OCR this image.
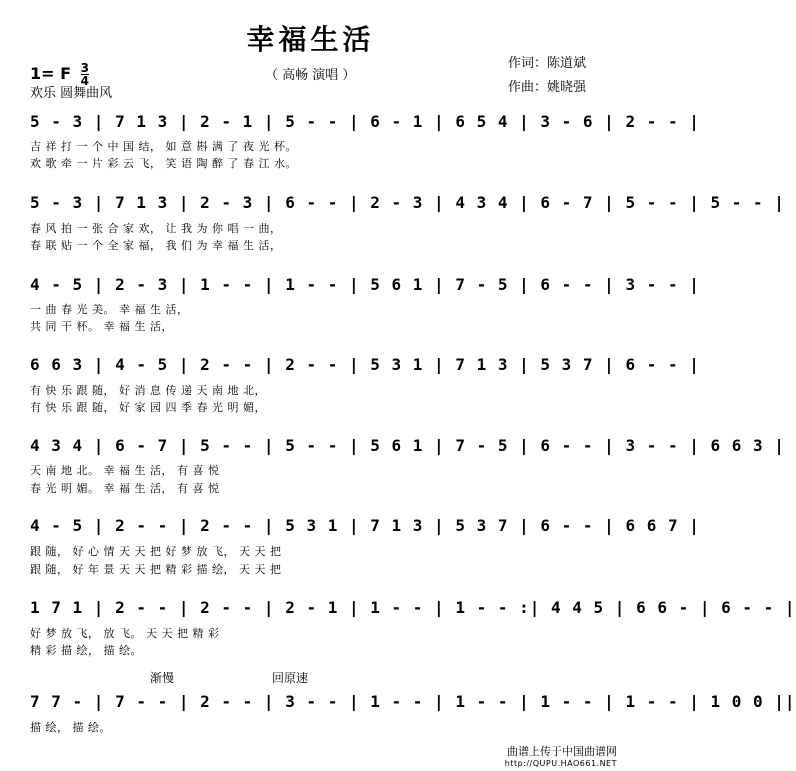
幸福生活
（ 高畅 演唱 ）
1= F $\frac{3}{4}$
欢乐 圆舞曲风
作词：陈道斌
作曲：姚晓强
5 - 3 | 7 1 3 | 2 - 1 | 5 - - | 6 - 1 | 6 5 4 | 3 - 6 | 2 - - |
吉 祥 打 一 个 中 国 结， 如 意 斟 满 了 夜 光 杯。
欢 歌 牵 一 片 彩 云 飞， 笑 语 陶 醉 了 春 江 水。
5 - 3 | 7 1 3 | 2 - 3 | 6 - - | 2 - 3 | 4 3 4 | 6 - 7 | 5 - - | 5 - - |
春 风 拍 一 张 合 家 欢， 让 我 为 你 唱 一 曲，
春 联 贴 一 个 全 家 福， 我 们 为 幸 福 生 活，
4 - 5 | 2 - 3 | 1 - - | 1 - - | 5 6 1 | 7 - 5 | 6 - - | 3 - - |
一 曲 春 光 美。 幸 福 生 活，
共 同 干 杯。 幸 福 生 活，
6 6 3 | 4 - 5 | 2 - - | 2 - - | 5 3 1 | 7 1 3 | 5 3 7 | 6 - - |
有 快 乐 跟 随， 好 消 息 传 递 天 南 地 北，
有 快 乐 跟 随， 好 家 园 四 季 春 光 明 媚，
4 3 4 | 6 - 7 | 5 - - | 5 - - | 5 6 1 | 7 - 5 | 6 - - | 3 - - | 6 6 3 |
天 南 地 北。 幸 福 生 活， 有 喜 悦
春 光 明 媚。 幸 福 生 活， 有 喜 悦
4 - 5 | 2 - - | 2 - - | 5 3 1 | 7 1 3 | 5 3 7 | 6 - - | 6 6 7 |
跟 随， 好 心 情 天 天 把 好 梦 放 飞， 天 天 把
跟 随， 好 年 景 天 天 把 精 彩 描 绘， 天 天 把
1 7 1 | 2 - - | 2 - - | 2 - 1 | 1 - - | 1 - - :| 4 4 5 | 6 6 - | 6 - - |
好 梦 放 飞， 放 飞。 天 天 把 精 彩
精 彩 描 绘， 描 绘。
渐慢	回原速
7 7 - | 7 - - | 2 - - | 3 - - | 1 - - | 1 - - | 1 - - | 1 - - | 1 0 0 ||
描 绘， 描 绘。
曲谱上传于中国曲谱网
http://QUPU.HAO661.NET
